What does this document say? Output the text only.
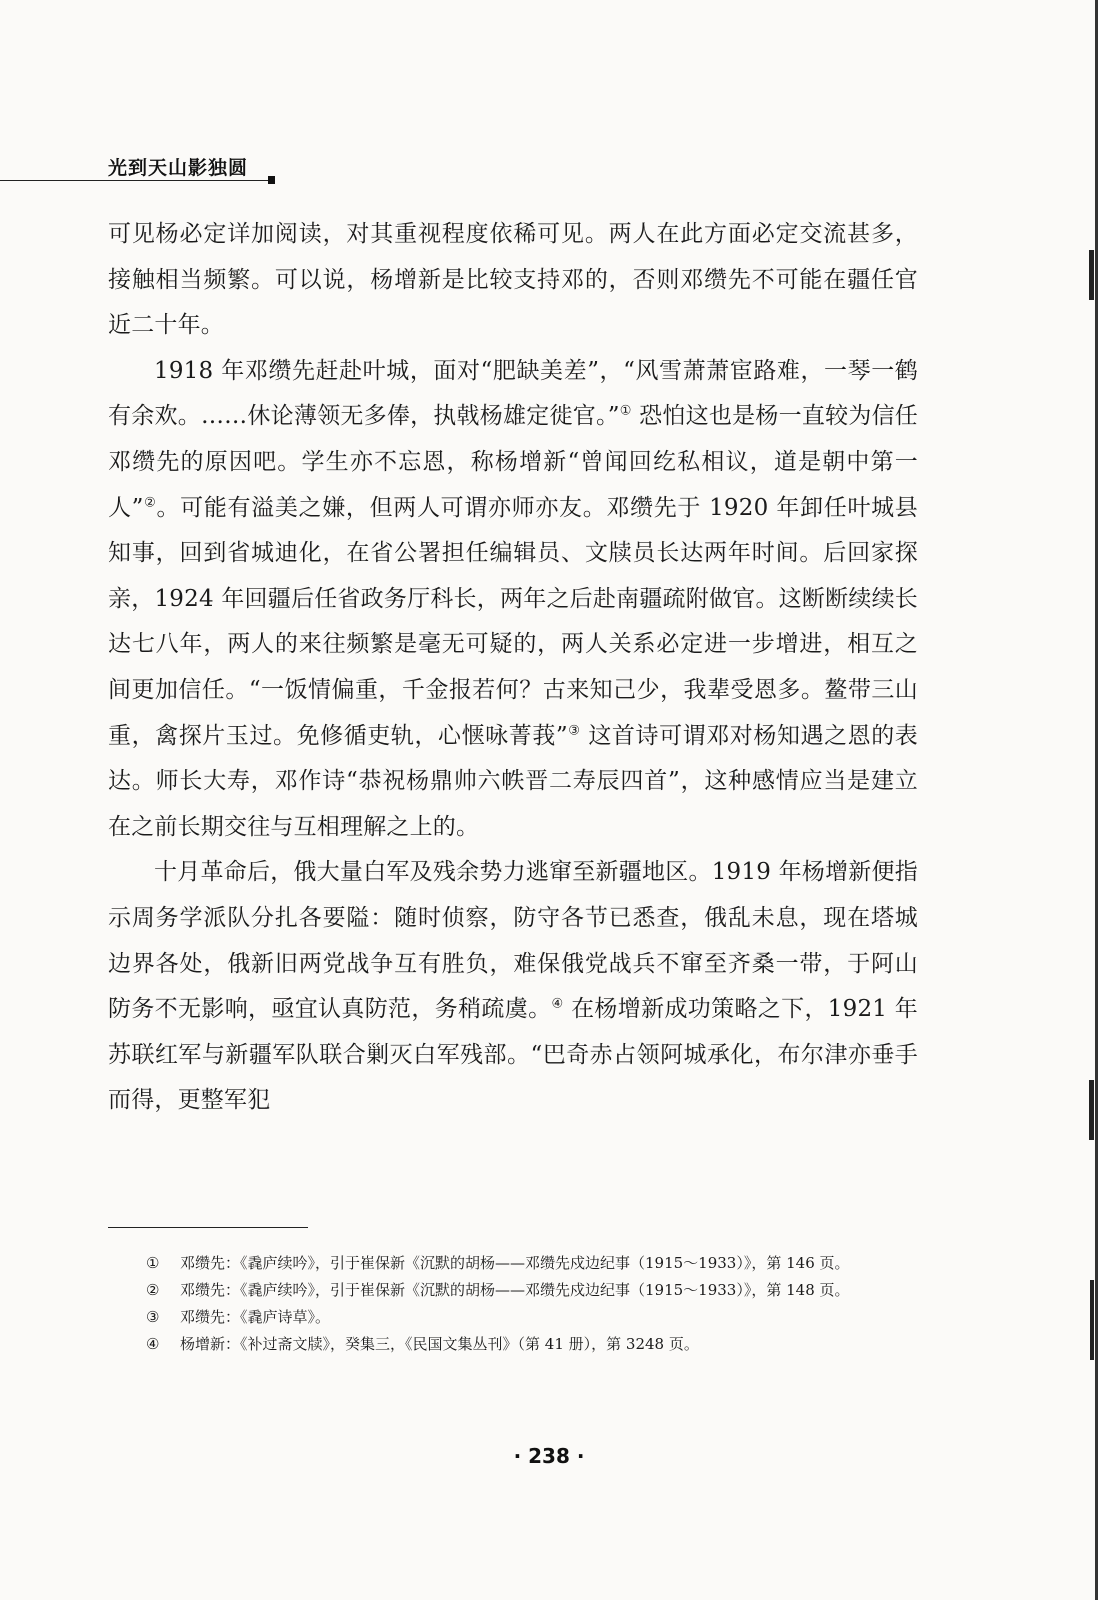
光到天山影独圆

可见杨必定详加阅读，对其重视程度依稀可见。两人在此方面必定交流甚多，接触相当频繁。可以说，杨增新是比较支持邓的，否则邓缵先不可能在疆任官近二十年。

1918 年邓缵先赶赴叶城，面对“肥缺美差”，“风雪萧萧宦路难，一琴一鹤有余欢。……休论薄领无多俸，执戟杨雄定徙官。”① 恐怕这也是杨一直较为信任邓缵先的原因吧。学生亦不忘恩，称杨增新“曾闻回纥私相议，道是朝中第一人”②。可能有溢美之嫌，但两人可谓亦师亦友。邓缵先于 1920 年卸任叶城县知事，回到省城迪化，在省公署担任编辑员、文牍员长达两年时间。后回家探亲，1924 年回疆后任省政务厅科长，两年之后赴南疆疏附做官。这断断续续长达七八年，两人的来往频繁是毫无可疑的，两人关系必定进一步增进，相互之间更加信任。“一饭情偏重，千金报若何？古来知己少，我辈受恩多。鳌带三山重，禽探片玉过。免修循吏轨，心惬咏菁莪”③ 这首诗可谓邓对杨知遇之恩的表达。师长大寿，邓作诗“恭祝杨鼎帅六帙晋二寿辰四首”，这种感情应当是建立在之前长期交往与互相理解之上的。

十月革命后，俄大量白军及残余势力逃窜至新疆地区。1919 年杨增新便指示周务学派队分扎各要隘：随时侦察，防守各节已悉查，俄乱未息，现在塔城边界各处，俄新旧两党战争互有胜负，难保俄党战兵不窜至齐桑一带，于阿山防务不无影响，亟宜认真防范，务稍疏虞。④ 在杨增新成功策略之下，1921 年苏联红军与新疆军队联合剿灭白军残部。“巴奇赤占领阿城承化，布尔津亦垂手而得，更整军犯

① 邓缵先：《毳庐续吟》，引于崔保新《沉默的胡杨——邓缵先戍边纪事（1915～1933）》，第 146 页。
② 邓缵先：《毳庐续吟》，引于崔保新《沉默的胡杨——邓缵先戍边纪事（1915～1933）》，第 148 页。
③ 邓缵先：《毳庐诗草》。
④ 杨增新：《补过斋文牍》，癸集三，《民国文集丛刊》（第 41 册），第 3248 页。
· 238 ·
